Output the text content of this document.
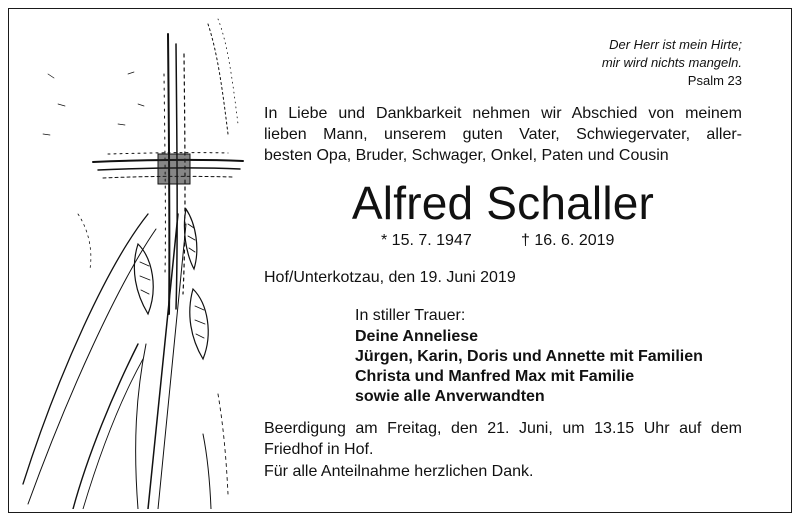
Der Herr ist mein Hirte;
mir wird nichts mangeln.
Psalm 23
In Liebe und Dankbarkeit nehmen wir Abschied von meinem
lieben Mann, unserem guten Vater, Schwiegervater, aller-
besten Opa, Bruder, Schwager, Onkel, Paten und Cousin
Alfred Schaller
* 15. 7. 1947	† 16. 6. 2019
Hof/Unterkotzau, den 19. Juni 2019
In stiller Trauer:
Deine Anneliese
Jürgen, Karin, Doris und Annette mit Familien
Christa und Manfred Max mit Familie
sowie alle Anverwandten
Beerdigung am Freitag, den 21. Juni, um 13.15 Uhr auf dem
Friedhof in Hof.
Für alle Anteilnahme herzlichen Dank.
